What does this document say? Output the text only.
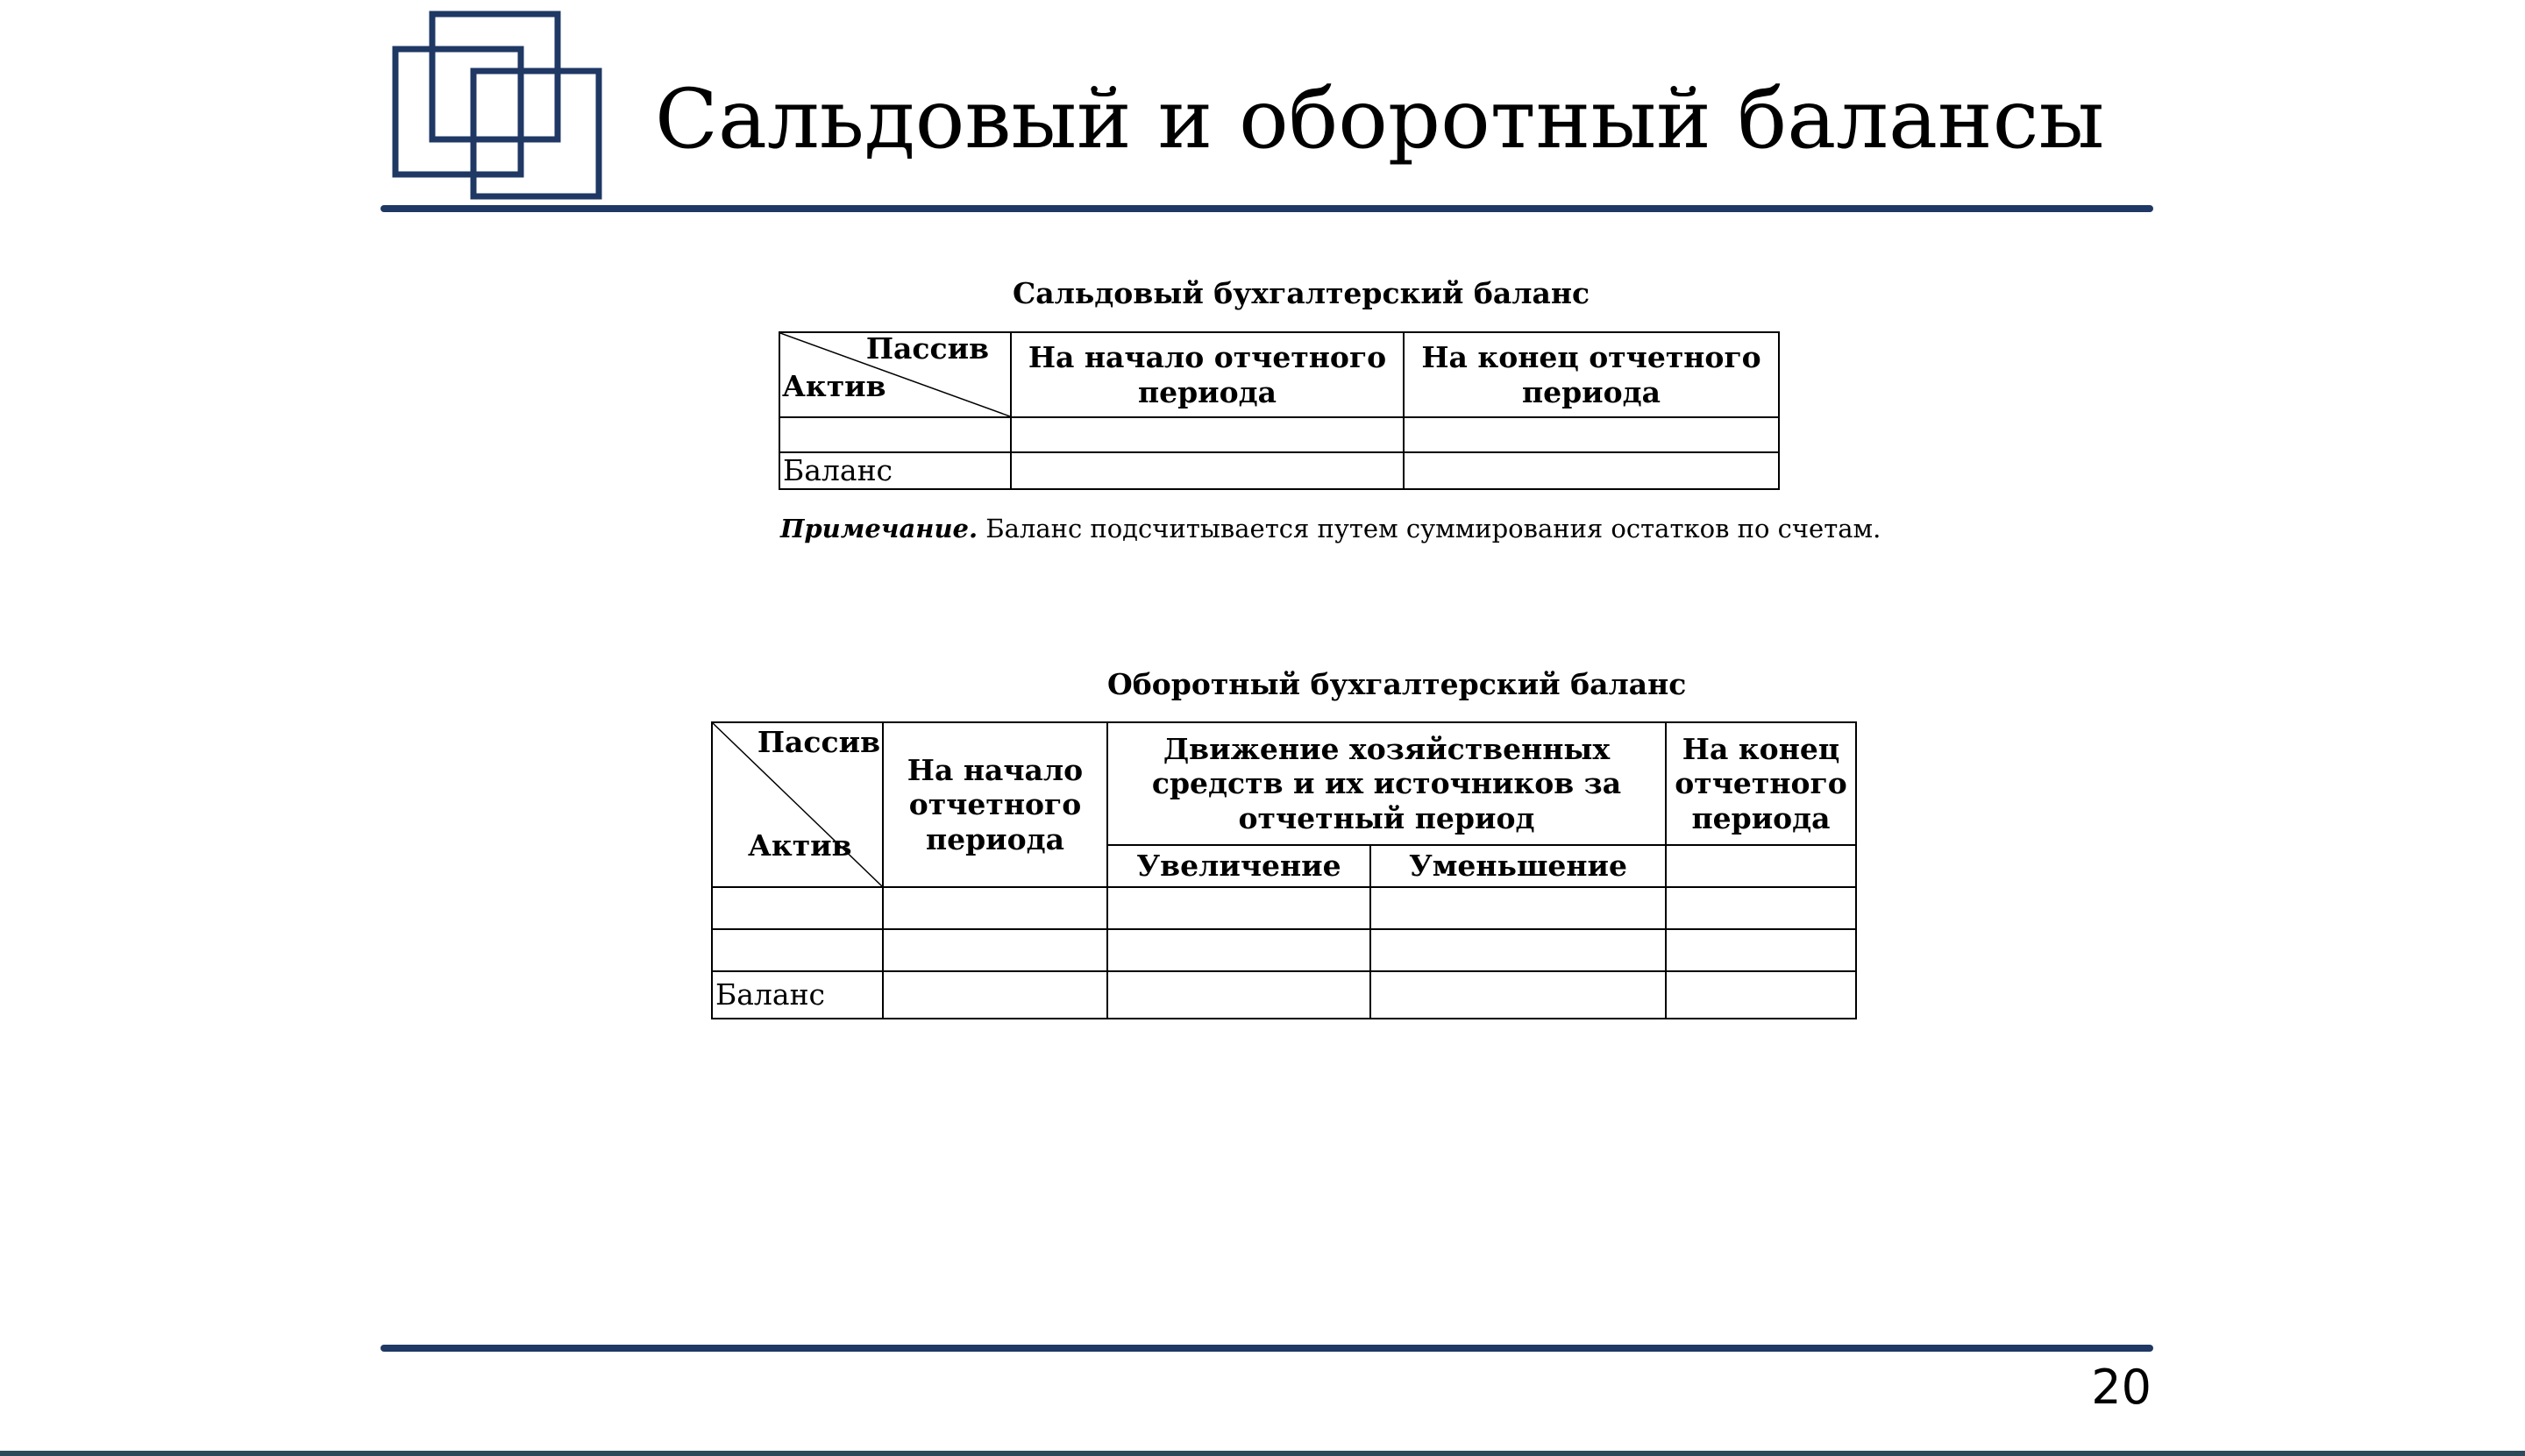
Сальдовый и оборотный балансы
Сальдовый бухгалтерский баланс
Пассив
Актив	На начало отчетного периода	На конец отчетного периода

Баланс		
Примечание. Баланс подсчитывается путем суммирования остатков по счетам.
Оборотный бухгалтерский баланс
Пассив
Актив	На начало отчетного периода	Движение хозяйственных средств и их источников за отчетный период		На конец отчетного периода
		Увеличение	Уменьшение	

Баланс				
20
